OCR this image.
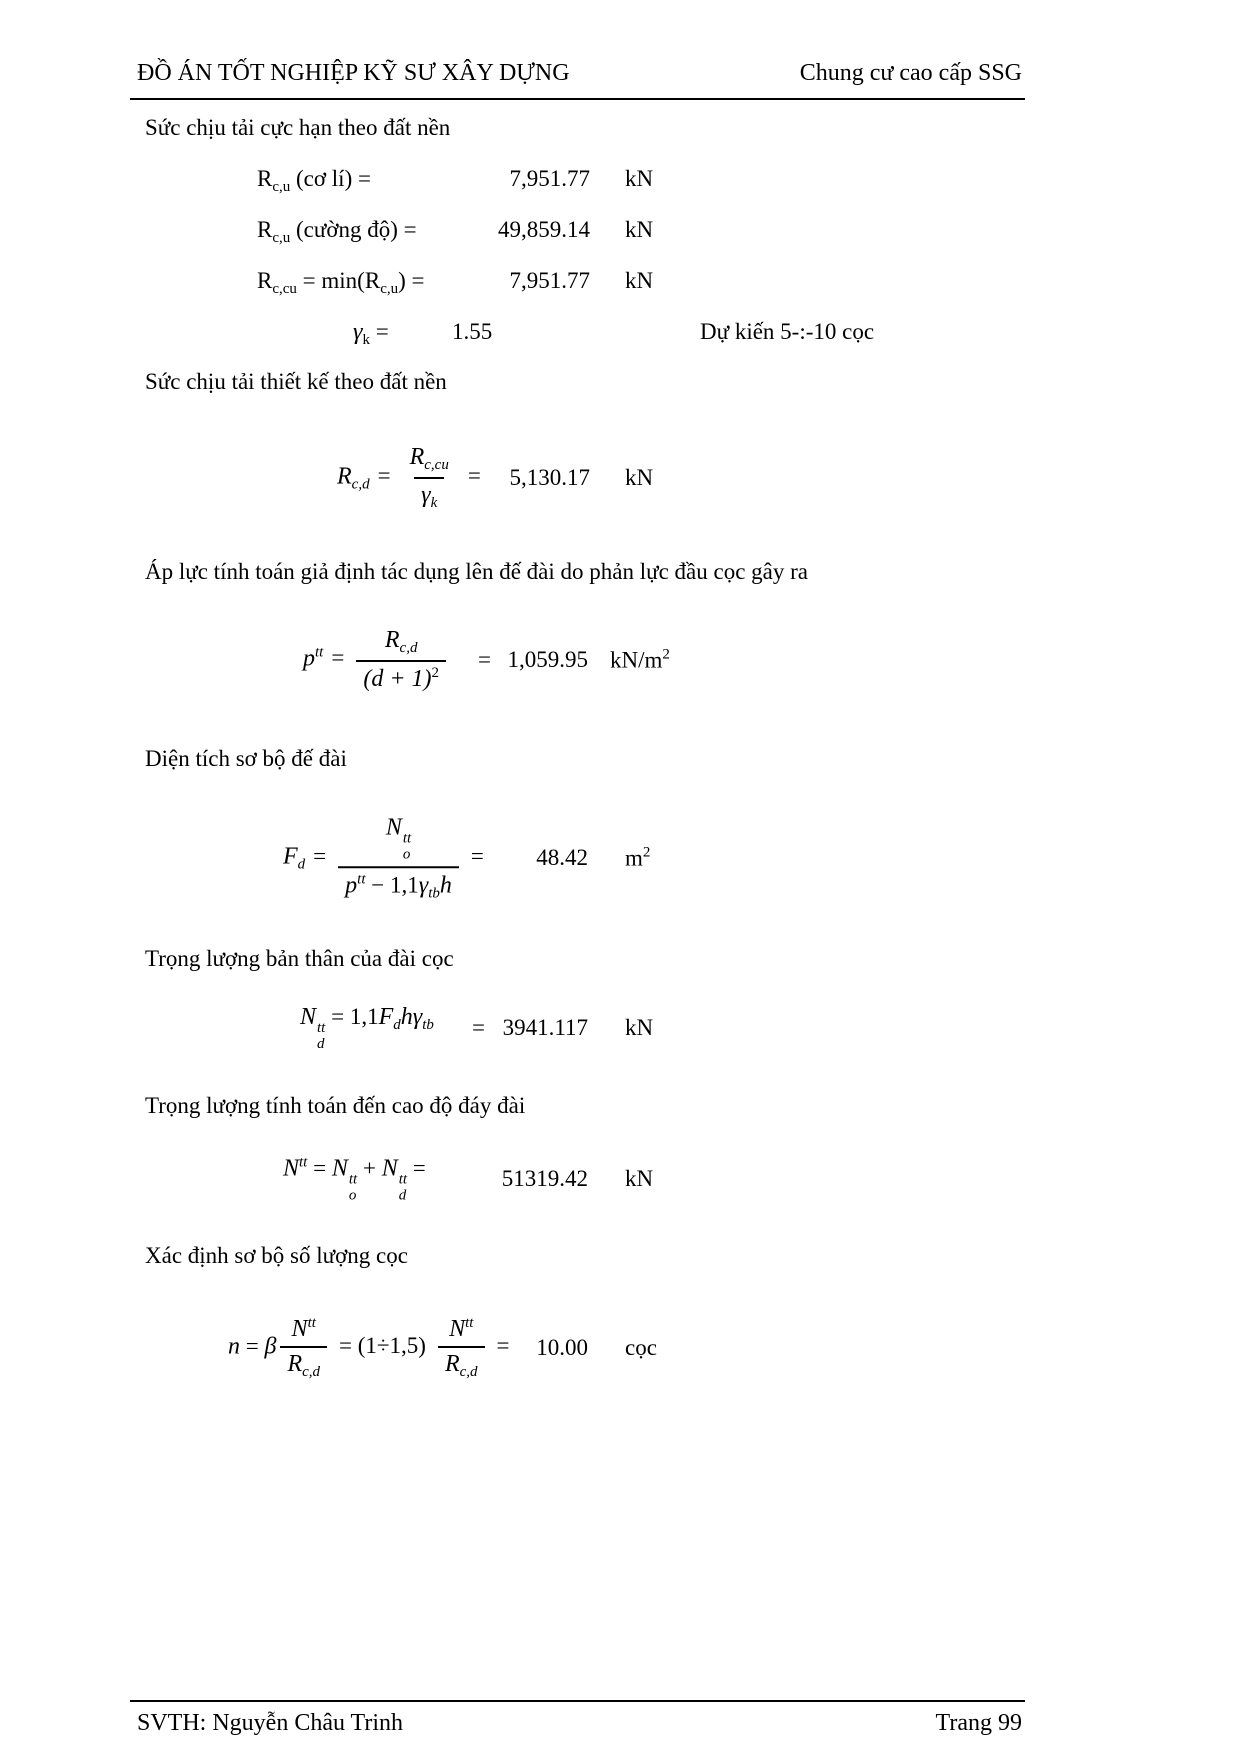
ĐỒ ÁN TỐT NGHIỆP KỸ SƯ XÂY DỰNG	Chung cư cao cấp SSG
Sức chịu tải cực hạn theo đất nền
$R_{c,u}$ (cơ lí) =	7,951.77 kN
$R_{c,u}$ (cường độ) =	49,859.14 kN
$R_{c,cu} = \min(R_{c,u})$ =	7,951.77 kN
$\gamma_k$ =	1.55	Dự kiến 5-:-10 cọc
Sức chịu tải thiết kế theo đất nền
$R_{c,d} = \frac{R_{c,cu}}{\gamma_k}$ =	5,130.17 kN
Áp lực tính toán giả định tác dụng lên đế đài do phản lực đầu cọc gây ra
$p^{tt} = \frac{R_{c,d}}{(d + 1)^2} = 1,059.95$ $kN/m^2$
Diện tích sơ bộ đế đài
$F_d = N$ tt
o
$p^{tt} - 1,1\gamma_{tb}h$ =	48.42 $m^2$
Trọng lượng bản thân của đài cọc
N tt
d
= $1,1F_dh\gamma_{tb} = 3941.117$ kN
Trọng lượng tính toán đến cao độ đáy đài
$N^{tt} = N$ tt
o
+ N tt
d
=	51319.42 kN
Xác định sơ bộ số lượng cọc
n = β $\frac{N^{tt}}{R_{c,d}} = (1\div 1,5) \frac{N^{tt}}{R_{c,d}}$ =	10.00 cọc
SVTH: Nguyễn Châu Trinh	Trang 99
